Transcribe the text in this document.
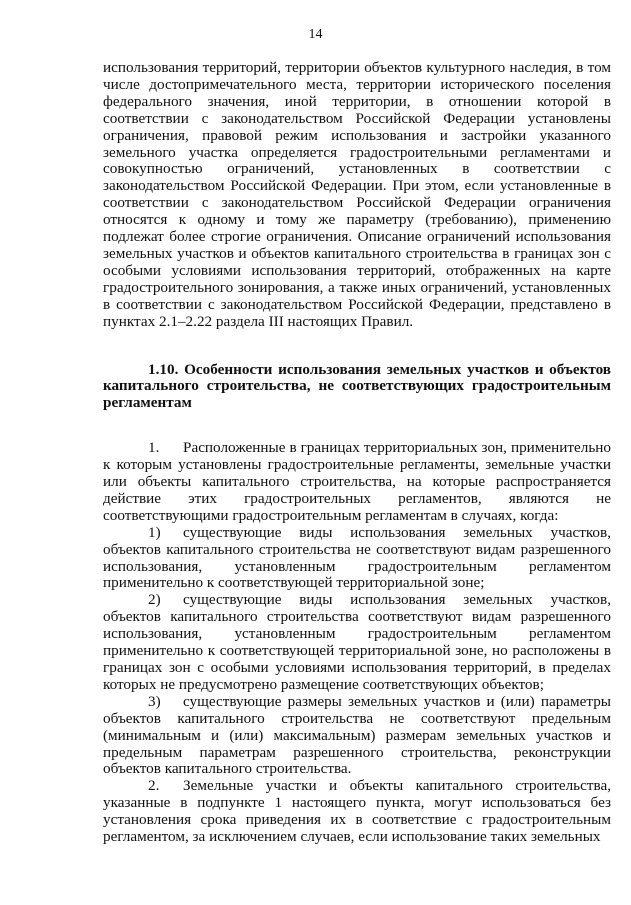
14

использования территорий, территории объектов культурного наследия, в том числе достопримечательного места, территории исторического поселения федерального значения, иной территории, в отношении которой в соответствии с законодательством Российской Федерации установлены ограничения, правовой режим использования и застройки указанного земельного участка определяется градостроительными регламентами и совокупностью ограничений, установленных в соответствии с законодательством Российской Федерации. При этом, если установленные в соответствии с законодательством Российской Федерации ограничения относятся к одному и тому же параметру (требованию), применению подлежат более строгие ограничения. Описание ограничений использования земельных участков и объектов капитального строительства в границах зон с особыми условиями использования территорий, отображенных на карте градостроительного зонирования, а также иных ограничений, установленных в соответствии с законодательством Российской Федерации, представлено в пунктах 2.1–2.22 раздела III настоящих Правил.

1.10. Особенности использования земельных участков и объектов капитального строительства, не соответствующих градостроительным регламентам

1. Расположенные в границах территориальных зон, применительно к которым установлены градостроительные регламенты, земельные участки или объекты капитального строительства, на которые распространяется действие этих градостроительных регламентов, являются не соответствующими градостроительным регламентам в случаях, когда:

1) существующие виды использования земельных участков, объектов капитального строительства не соответствуют видам разрешенного использования, установленным градостроительным регламентом применительно к соответствующей территориальной зоне;

2) существующие виды использования земельных участков, объектов капитального строительства соответствуют видам разрешенного использования, установленным градостроительным регламентом применительно к соответствующей территориальной зоне, но расположены в границах зон с особыми условиями использования территорий, в пределах которых не предусмотрено размещение соответствующих объектов;

3) существующие размеры земельных участков и (или) параметры объектов капитального строительства не соответствуют предельным (минимальным и (или) максимальным) размерам земельных участков и предельным параметрам разрешенного строительства, реконструкции объектов капитального строительства.

2. Земельные участки и объекты капитального строительства, указанные в подпункте 1 настоящего пункта, могут использоваться без установления срока приведения их в соответствие с градостроительным регламентом, за исключением случаев, если использование таких земельных
